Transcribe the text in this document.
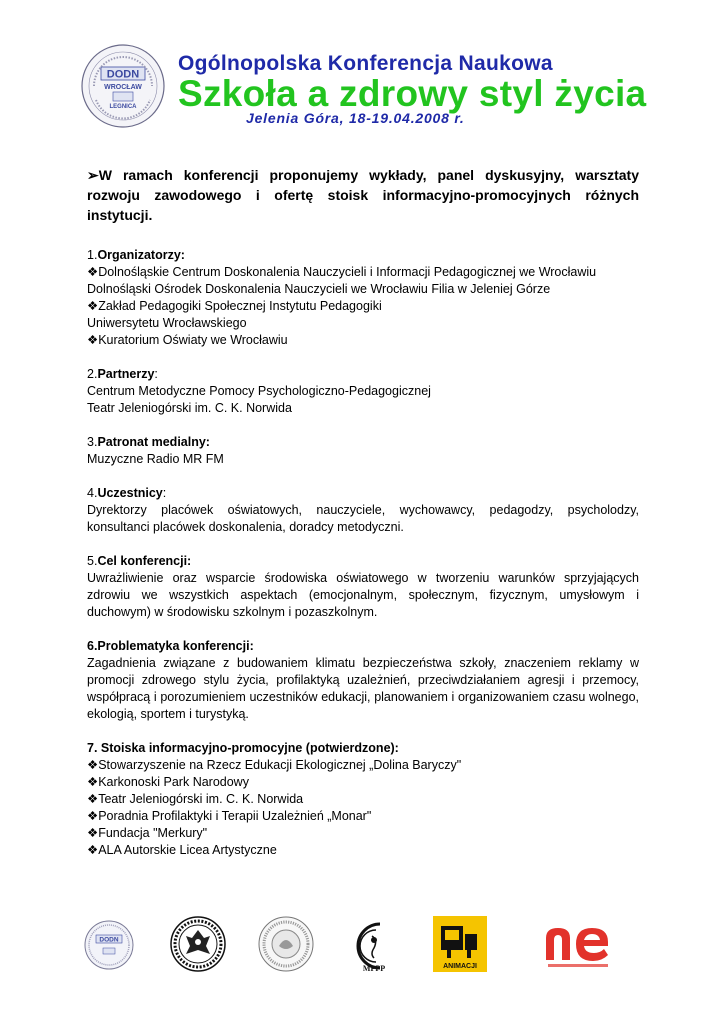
DODN
WROCŁAW
LEGNICA
Ogólnopolska Konferencja Naukowa
Szkoła a zdrowy styl życia
Jelenia Góra, 18-19.04.2008 r.
➢W ramach konferencji proponujemy wykłady, panel dyskusyjny, warsztaty rozwoju zawodowego i ofertę stoisk informacyjno-promocyjnych różnych instytucji.
1.Organizatorzy:
❖Dolnośląskie Centrum Doskonalenia Nauczycieli i Informacji Pedagogicznej we Wrocławiu
Dolnośląski Ośrodek Doskonalenia Nauczycieli we Wrocławiu Filia w Jeleniej Górze
❖Zakład Pedagogiki Społecznej Instytutu Pedagogiki
Uniwersytetu Wrocławskiego
❖Kuratorium Oświaty we Wrocławiu
2.Partnerzy:
Centrum Metodyczne Pomocy Psychologiczno-Pedagogicznej
Teatr Jeleniogórski im. C. K. Norwida
3.Patronat medialny:
Muzyczne Radio MR FM
4.Uczestnicy:
Dyrektorzy placówek oświatowych, nauczyciele, wychowawcy, pedagodzy, psycholodzy, konsultanci placówek doskonalenia, doradcy metodyczni.
5.Cel konferencji:
Uwrażliwienie oraz wsparcie środowiska oświatowego w tworzeniu warunków sprzyjających zdrowiu we wszystkich aspektach (emocjonalnym, społecznym, fizycznym, umysłowym i duchowym) w środowisku szkolnym i pozaszkolnym.
6.Problematyka konferencji:
Zagadnienia związane z budowaniem klimatu bezpieczeństwa szkoły, znaczeniem reklamy w promocji zdrowego stylu życia, profilaktyką uzależnień, przeciwdziałaniem agresji i przemocy, współpracą i porozumieniem uczestników edukacji, planowaniem i organizowaniem czasu wolnego, ekologią, sportem i turystyką.
7. Stoiska informacyjno-promocyjne (potwierdzone):
❖Stowarzyszenie na Rzecz Edukacji Ekologicznej „Dolina Baryczy"
❖Karkonoski Park Narodowy
❖Teatr Jeleniogórski im. C. K. Norwida
❖Poradnia Profilaktyki i Terapii Uzależnień „Monar"
❖Fundacja "Merkury"
❖ALA Autorskie Licea Artystyczne
DODN
MPPP	ANIMACJI
